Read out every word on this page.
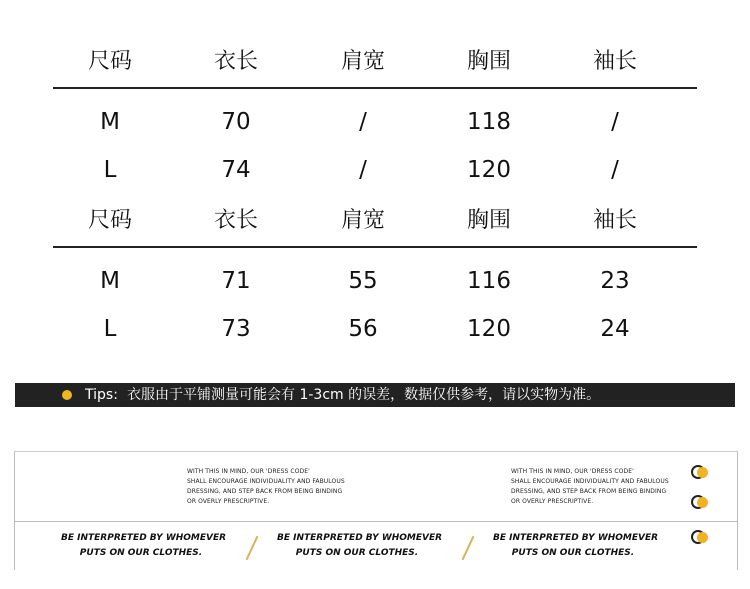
尺码	衣长	肩宽	胸围	袖长
M	70	/	118	/
L	74	/	120	/
尺码	衣长	肩宽	胸围	袖长
M	71	55	116	23
L	73	56	120	24
Tips: 衣服由于平铺测量可能会有 1-3cm 的误差，数据仅供参考，请以实物为准。
WITH THIS IN MIND, OUR 'DRESS CODE'
SHALL ENCOURAGE INDIVIDUALITY AND FABULOUS
DRESSING, AND STEP BACK FROM BEING BINDING
OR OVERLY PRESCRIPTIVE.
WITH THIS IN MIND, OUR 'DRESS CODE'
SHALL ENCOURAGE INDIVIDUALITY AND FABULOUS
DRESSING, AND STEP BACK FROM BEING BINDING
OR OVERLY PRESCRIPTIVE.
BE INTERPRETED BY WHOMEVER
PUTS ON OUR CLOTHES.
BE INTERPRETED BY WHOMEVER
PUTS ON OUR CLOTHES.
BE INTERPRETED BY WHOMEVER
PUTS ON OUR CLOTHES.
